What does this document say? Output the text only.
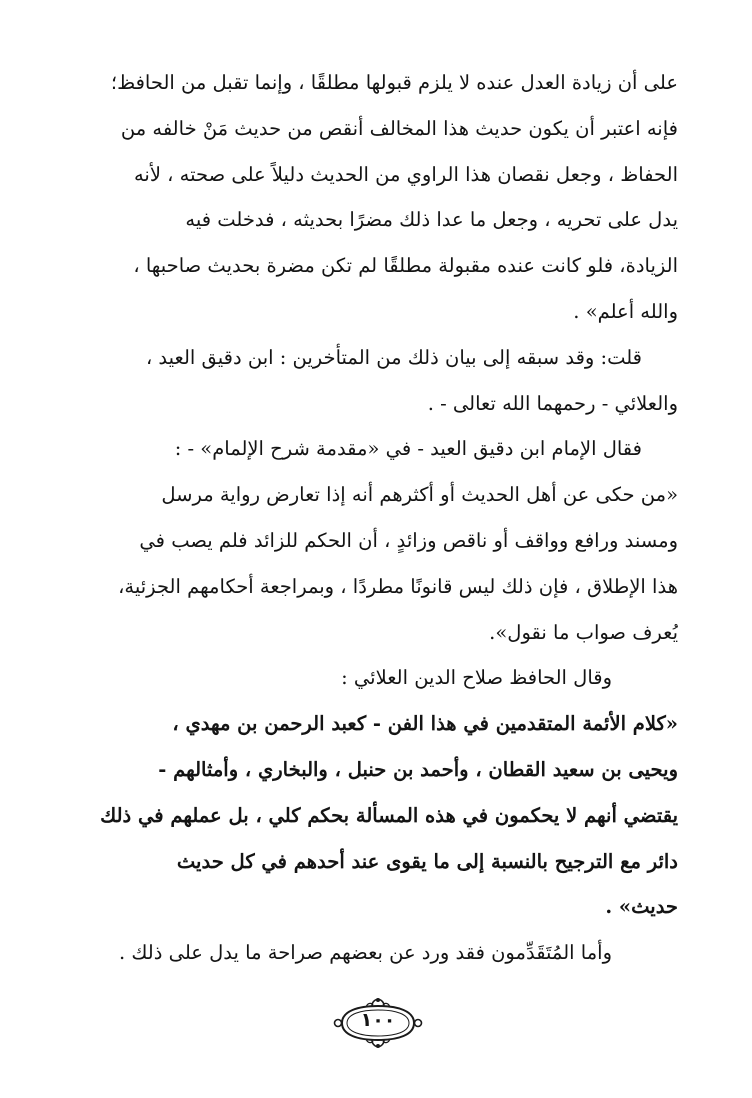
على أن زيادة العدل عنده لا يلزم قبولها مطلقًا ، وإنما تقبل من الحافظ؛
فإنه اعتبر أن يكون حديث هذا المخالف أنقص من حديث مَنْ خالفه من
الحفاظ ، وجعل نقصان هذا الراوي من الحديث دليلاً على صحته ، لأنه
يدل على تحريه ، وجعل ما عدا ذلك مضرًا بحديثه ، فدخلت فيه
الزيادة، فلو كانت عنده مقبولة مطلقًا لم تكن مضرة بحديث صاحبها ،
والله أعلم» .
قلت: وقد سبقه إلى بيان ذلك من المتأخرين : ابن دقيق العيد ،
والعلائي - رحمهما الله تعالى - .
فقال الإمام ابن دقيق العيد - في «مقدمة شرح الإلمام» - :
«من حكى عن أهل الحديث أو أكثرهم أنه إذا تعارض رواية مرسل
ومسند ورافع وواقف أو ناقص وزائدٍ ، أن الحكم للزائد فلم يصب في
هذا الإطلاق ، فإن ذلك ليس قانونًا مطردًا ، وبمراجعة أحكامهم الجزئية،
يُعرف صواب ما نقول».
وقال الحافظ صلاح الدين العلائي :
«كلام الأئمة المتقدمين في هذا الفن - كعبد الرحمن بن مهدي ،
ويحيى بن سعيد القطان ، وأحمد بن حنبل ، والبخاري ، وأمثالهم -
يقتضي أنهم لا يحكمون في هذه المسألة بحكم كلي ، بل عملهم في ذلك
دائر مع الترجيح بالنسبة إلى ما يقوى عند أحدهم في كل حديث
حديث» .
وأما المُتَقَدِّمون فقد ورد عن بعضهم صراحة ما يدل على ذلك .
١٠٠
